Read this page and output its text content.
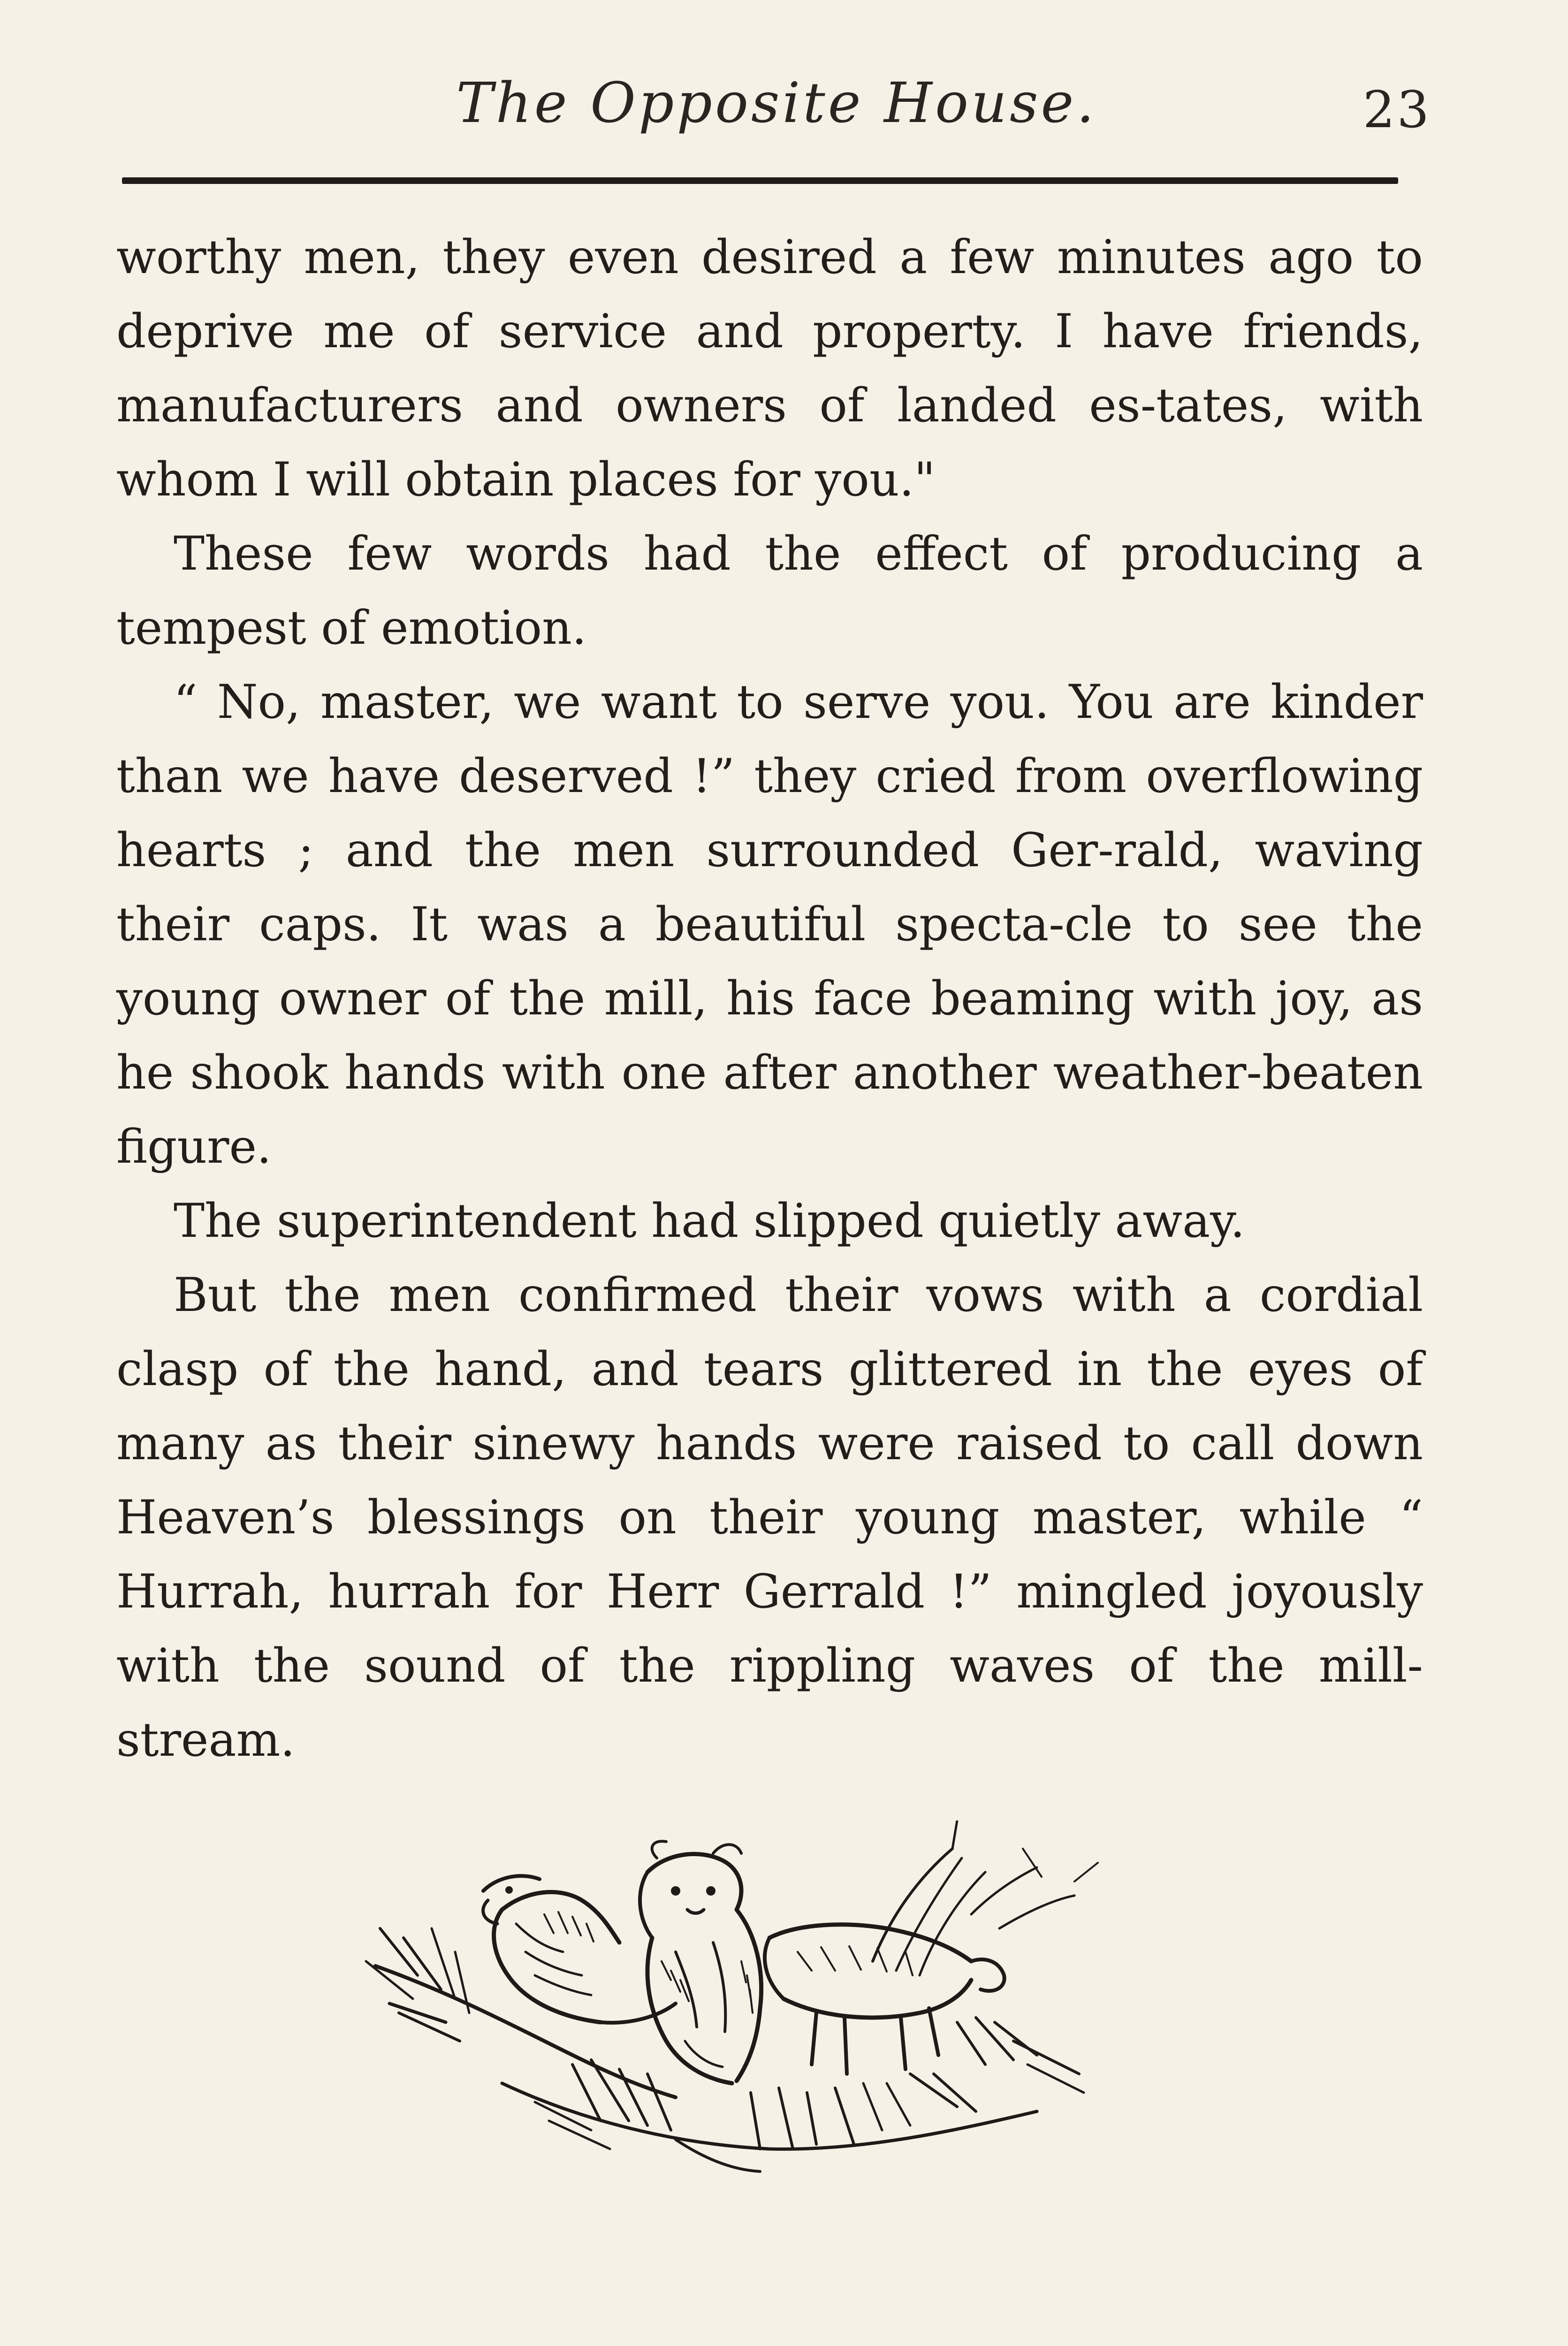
The Opposite House.	23

worthy men, they even desired a few minutes ago to deprive me of service and property. I have friends, manufacturers and owners of landed es-tates, with whom I will obtain places for you."

These few words had the effect of producing a tempest of emotion.

“ No, master, we want to serve you. You are kinder than we have deserved !” they cried from overflowing hearts ; and the men surrounded Ger-rald, waving their caps. It was a beautiful specta-cle to see the young owner of the mill, his face beaming with joy, as he shook hands with one after another weather-beaten figure.

The superintendent had slipped quietly away.

But the men confirmed their vows with a cordial clasp of the hand, and tears glittered in the eyes of many as their sinewy hands were raised to call down Heaven’s blessings on their young master, while “ Hurrah, hurrah for Herr Gerrald !” mingled joyously with the sound of the rippling waves of the mill-stream.
